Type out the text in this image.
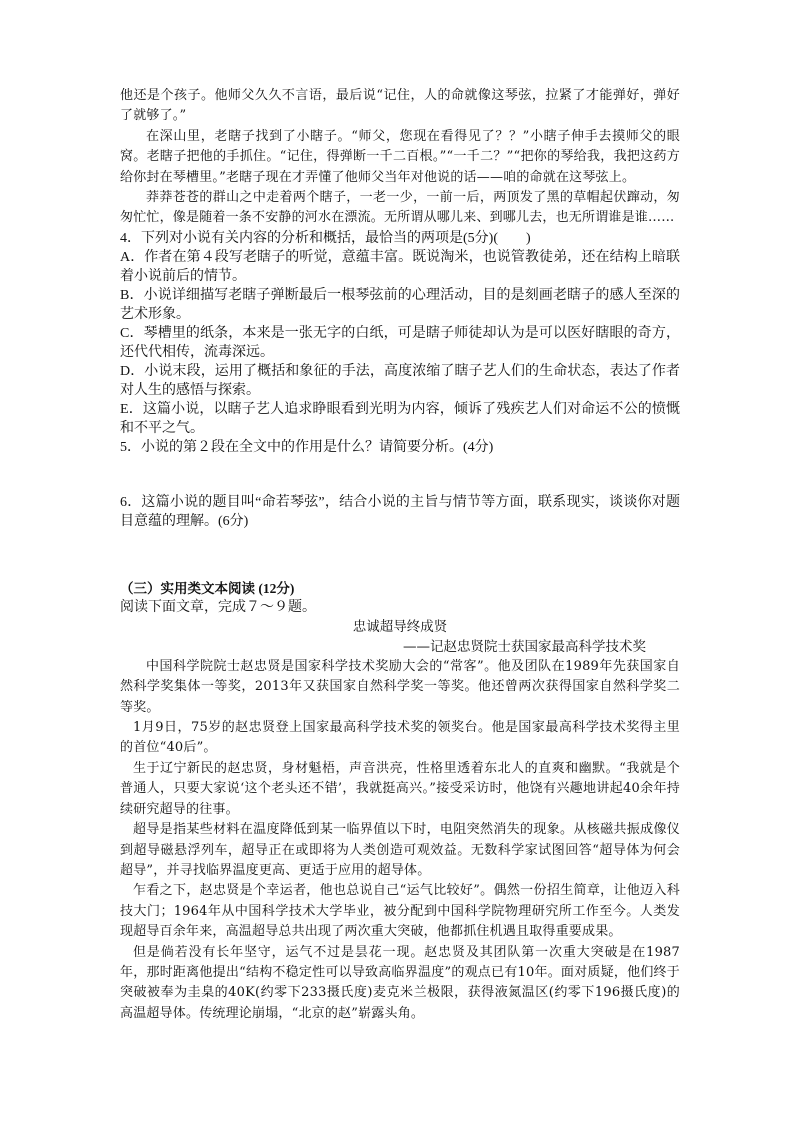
他还是个孩子。他师父久久不言语，最后说“记住，人的命就像这琴弦，拉紧了才能弹好，弹好了就够了。”

在深山里，老瞎子找到了小瞎子。“师父，您现在看得见了？？”小瞎子伸手去摸师父的眼窝。老瞎子把他的手抓住。“记住，得弹断一千二百根。”“一千二？”“把你的琴给我，我把这药方给你封在琴槽里。”老瞎子现在才弄懂了他师父当年对他说的话——咱的命就在这琴弦上。

莽莽苍苍的群山之中走着两个瞎子，一老一少，一前一后，两顶发了黑的草帽起伏蹿动，匆匆忙忙，像是随着一条不安静的河水在漂流。无所谓从哪儿来、到哪儿去，也无所谓谁是谁……

4．下列对小说有关内容的分析和概括，最恰当的两项是(5分)(　　)

A．作者在第４段写老瞎子的听觉，意蕴丰富。既说淘米，也说管教徒弟，还在结构上暗联着小说前后的情节。

B．小说详细描写老瞎子弹断最后一根琴弦前的心理活动，目的是刻画老瞎子的感人至深的艺术形象。

C．琴槽里的纸条，本来是一张无字的白纸，可是瞎子师徒却认为是可以医好瞎眼的奇方，还代代相传，流毒深远。

D．小说末段，运用了概括和象征的手法，高度浓缩了瞎子艺人们的生命状态，表达了作者对人生的感悟与探索。

E．这篇小说，以瞎子艺人追求睁眼看到光明为内容，倾诉了残疾艺人们对命运不公的愤慨和不平之气。

5．小说的第２段在全文中的作用是什么？请简要分析。(4分)

6．这篇小说的题目叫“命若琴弦”，结合小说的主旨与情节等方面，联系现实，谈谈你对题目意蕴的理解。(6分)

（三）实用类文本阅读 (12分)

阅读下面文章，完成７～９题。

忠诚超导终成贤

——记赵忠贤院士获国家最高科学技术奖

中国科学院院士赵忠贤是国家科学技术奖励大会的“常客”。他及团队在1989年先获国家自然科学奖集体一等奖，2013年又获国家自然科学奖一等奖。他还曾两次获得国家自然科学奖二等奖。

1月9日，75岁的赵忠贤登上国家最高科学技术奖的领奖台。他是国家最高科学技术奖得主里的首位“40后”。

生于辽宁新民的赵忠贤，身材魁梧，声音洪亮，性格里透着东北人的直爽和幽默。“我就是个普通人，只要大家说‘这个老头还不错’，我就挺高兴。”接受采访时，他饶有兴趣地讲起40余年持续研究超导的往事。

超导是指某些材料在温度降低到某一临界值以下时，电阻突然消失的现象。从核磁共振成像仪到超导磁悬浮列车，超导正在或即将为人类创造可观效益。无数科学家试图回答“超导体为何会超导”，并寻找临界温度更高、更适于应用的超导体。

乍看之下，赵忠贤是个幸运者，他也总说自己“运气比较好”。偶然一份招生简章，让他迈入科技大门；1964年从中国科学技术大学毕业，被分配到中国科学院物理研究所工作至今。人类发现超导百余年来，高温超导总共出现了两次重大突破，他都抓住机遇且取得重要成果。

但是倘若没有长年坚守，运气不过是昙花一现。赵忠贤及其团队第一次重大突破是在1987年，那时距离他提出“结构不稳定性可以导致高临界温度”的观点已有10年。面对质疑，他们终于突破被奉为圭臬的40K(约零下233摄氏度)麦克米兰极限，获得液氮温区(约零下196摄氏度)的高温超导体。传统理论崩塌，“北京的赵”崭露头角。
